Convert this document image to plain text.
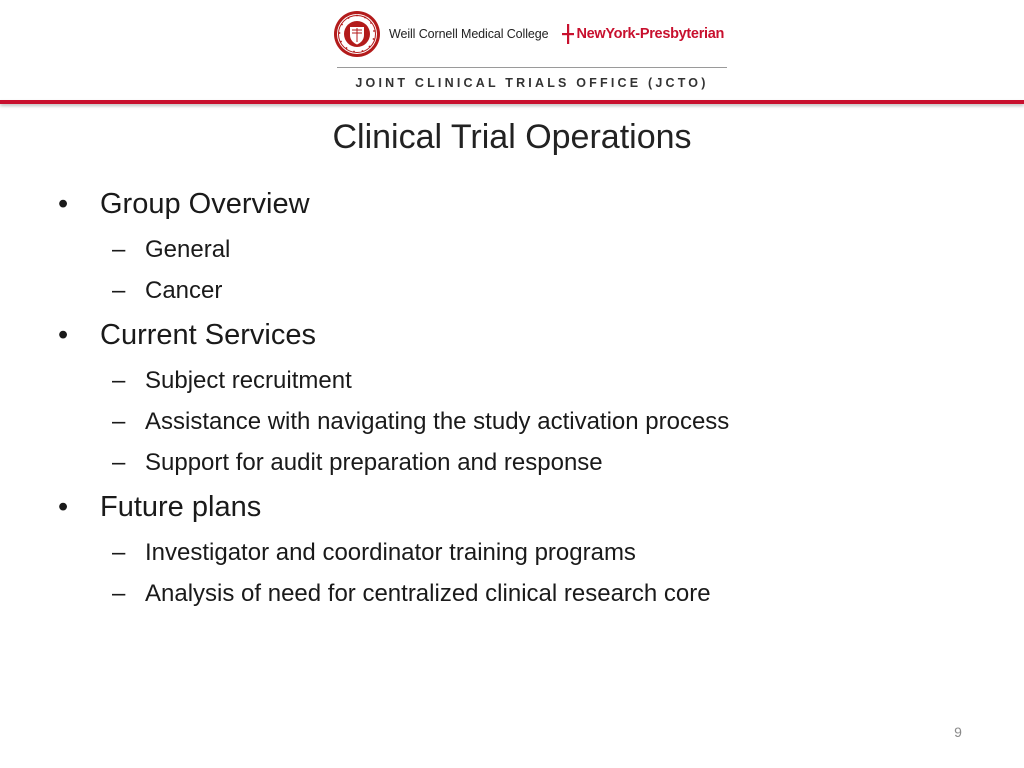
Weill Cornell Medical College NewYork-Presbyterian
JOINT CLINICAL TRIALS OFFICE (JCTO)
Clinical Trial Operations
• Group Overview
– General
– Cancer
• Current Services
– Subject recruitment
– Assistance with navigating the study activation process
– Support for audit preparation and response
• Future plans
– Investigator and coordinator training programs
– Analysis of need for centralized clinical research core
9
